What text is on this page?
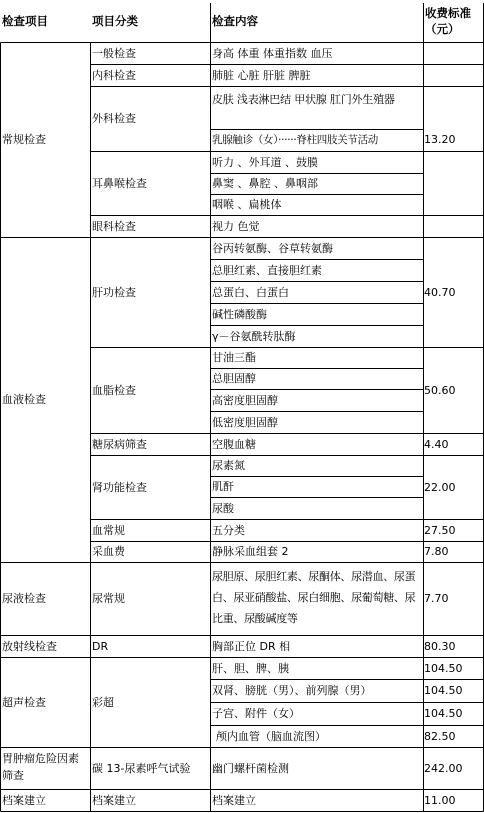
检查项目	项目分类	检查内容
收费标准（元）
常规检查
血液检查
尿液检查
放射线检查
超声检查
胃肿瘤危险因素筛查
档案建立
一般检查
内科检查
外科检查
耳鼻喉检查
眼科检查
肝功检查
血脂检查
糖尿病筛查
肾功能检查
血常规
采血费
尿常规
DR
彩超
碳 13-尿素呼气试验
档案建立
身高 体重 体重指数 血压
肺脏 心脏 肝脏 脾脏
皮肤 浅表淋巴结 甲状腺 肛门外生殖器
乳腺触诊（女）······脊柱四肢关节活动
听力 、外耳道 、鼓膜
鼻窦 、鼻腔 、鼻咽部
咽喉 、扁桃体
视力 色觉
谷丙转氨酶、谷草转氨酶
总胆红素、直接胆红素
总蛋白、白蛋白
碱性磷酸酶
γ－谷氨酰转肽酶
甘油三酯
总胆固醇
高密度胆固醇
低密度胆固醇
空腹血糖
尿素氮
肌酐
尿酸
五分类
静脉采血组套 2
尿胆原、尿胆红素、尿酮体、尿潜血、尿蛋白、尿亚硝酸盐、尿白细胞、尿葡萄糖、尿比重、尿酸碱度等
胸部正位 DR 相
肝、胆、脾、胰
双肾、膀胱（男）、前列腺（男）
子宫、附件（女）
颅内血管（脑血流图）
幽门螺杆菌检测
档案建立
13.20
40.70
50.60
4.40
22.00
27.50
7.80
7.70
80.30
104.50
104.50
104.50
82.50
242.00
11.00
